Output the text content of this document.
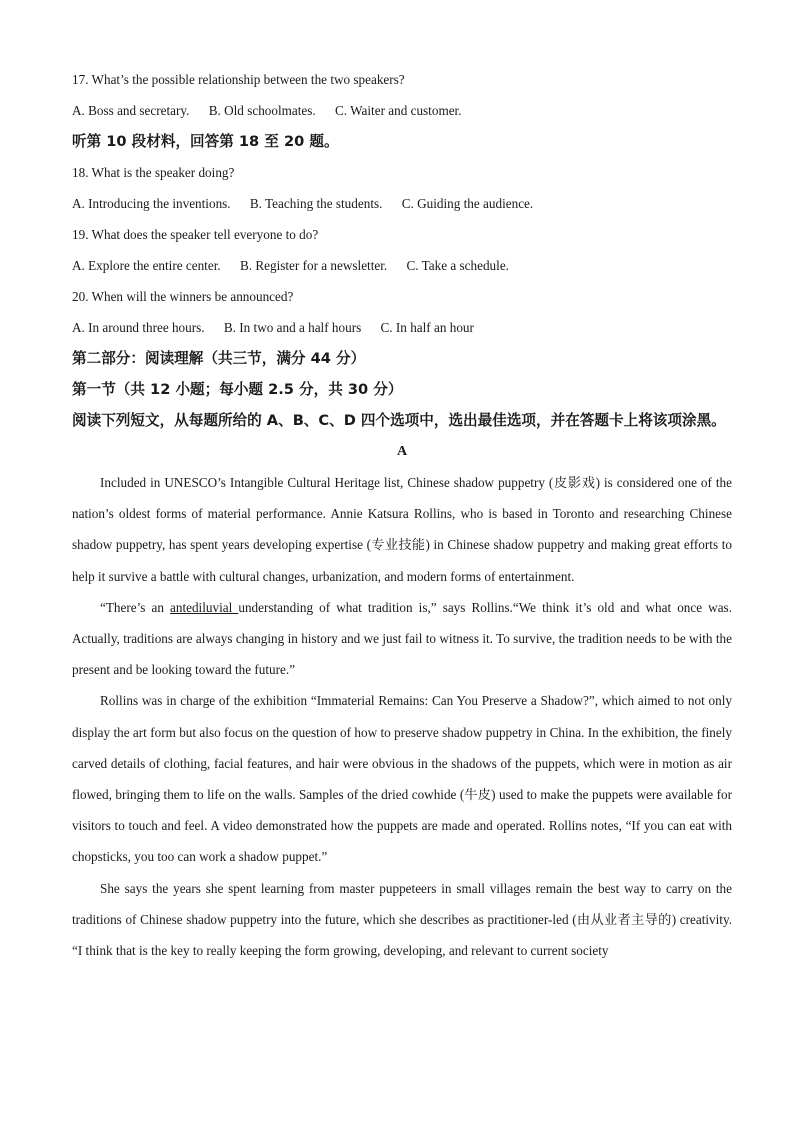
17. What’s the possible relationship between the two speakers?
A. Boss and secretary. B. Old schoolmates. C. Waiter and customer.
听第 10 段材料，回答第 18 至 20 题。
18. What is the speaker doing?
A. Introducing the inventions. B. Teaching the students. C. Guiding the audience.
19. What does the speaker tell everyone to do?
A. Explore the entire center. B. Register for a newsletter. C. Take a schedule.
20. When will the winners be announced?
A. In around three hours. B. In two and a half hours C. In half an hour
第二部分：阅读理解（共三节，满分 44 分）
第一节（共 12 小题；每小题 2.5 分，共 30 分）
阅读下列短文，从每题所给的 A、B、C、D 四个选项中，选出最佳选项，并在答题卡上将该项涂黑。
A

Included in UNESCO’s Intangible Cultural Heritage list, Chinese shadow puppetry (皮影戏) is considered one of the nation’s oldest forms of material performance. Annie Katsura Rollins, who is based in Toronto and researching Chinese shadow puppetry, has spent years developing expertise (专业技能) in Chinese shadow puppetry and making great efforts to help it survive a battle with cultural changes, urbanization, and modern forms of entertainment.

“There’s an antediluvial understanding of what tradition is,” says Rollins.“We think it’s old and what once was. Actually, traditions are always changing in history and we just fail to witness it. To survive, the tradition needs to be with the present and be looking toward the future.”

Rollins was in charge of the exhibition “Immaterial Remains: Can You Preserve a Shadow?”, which aimed to not only display the art form but also focus on the question of how to preserve shadow puppetry in China. In the exhibition, the finely carved details of clothing, facial features, and hair were obvious in the shadows of the puppets, which were in motion as air flowed, bringing them to life on the walls. Samples of the dried cowhide (牛皮) used to make the puppets were available for visitors to touch and feel. A video demonstrated how the puppets are made and operated. Rollins notes, “If you can eat with chopsticks, you too can work a shadow puppet.”

She says the years she spent learning from master puppeteers in small villages remain the best way to carry on the traditions of Chinese shadow puppetry into the future, which she describes as practitioner-led (由从业者主导的) creativity. “I think that is the key to really keeping the form growing, developing, and relevant to current society
